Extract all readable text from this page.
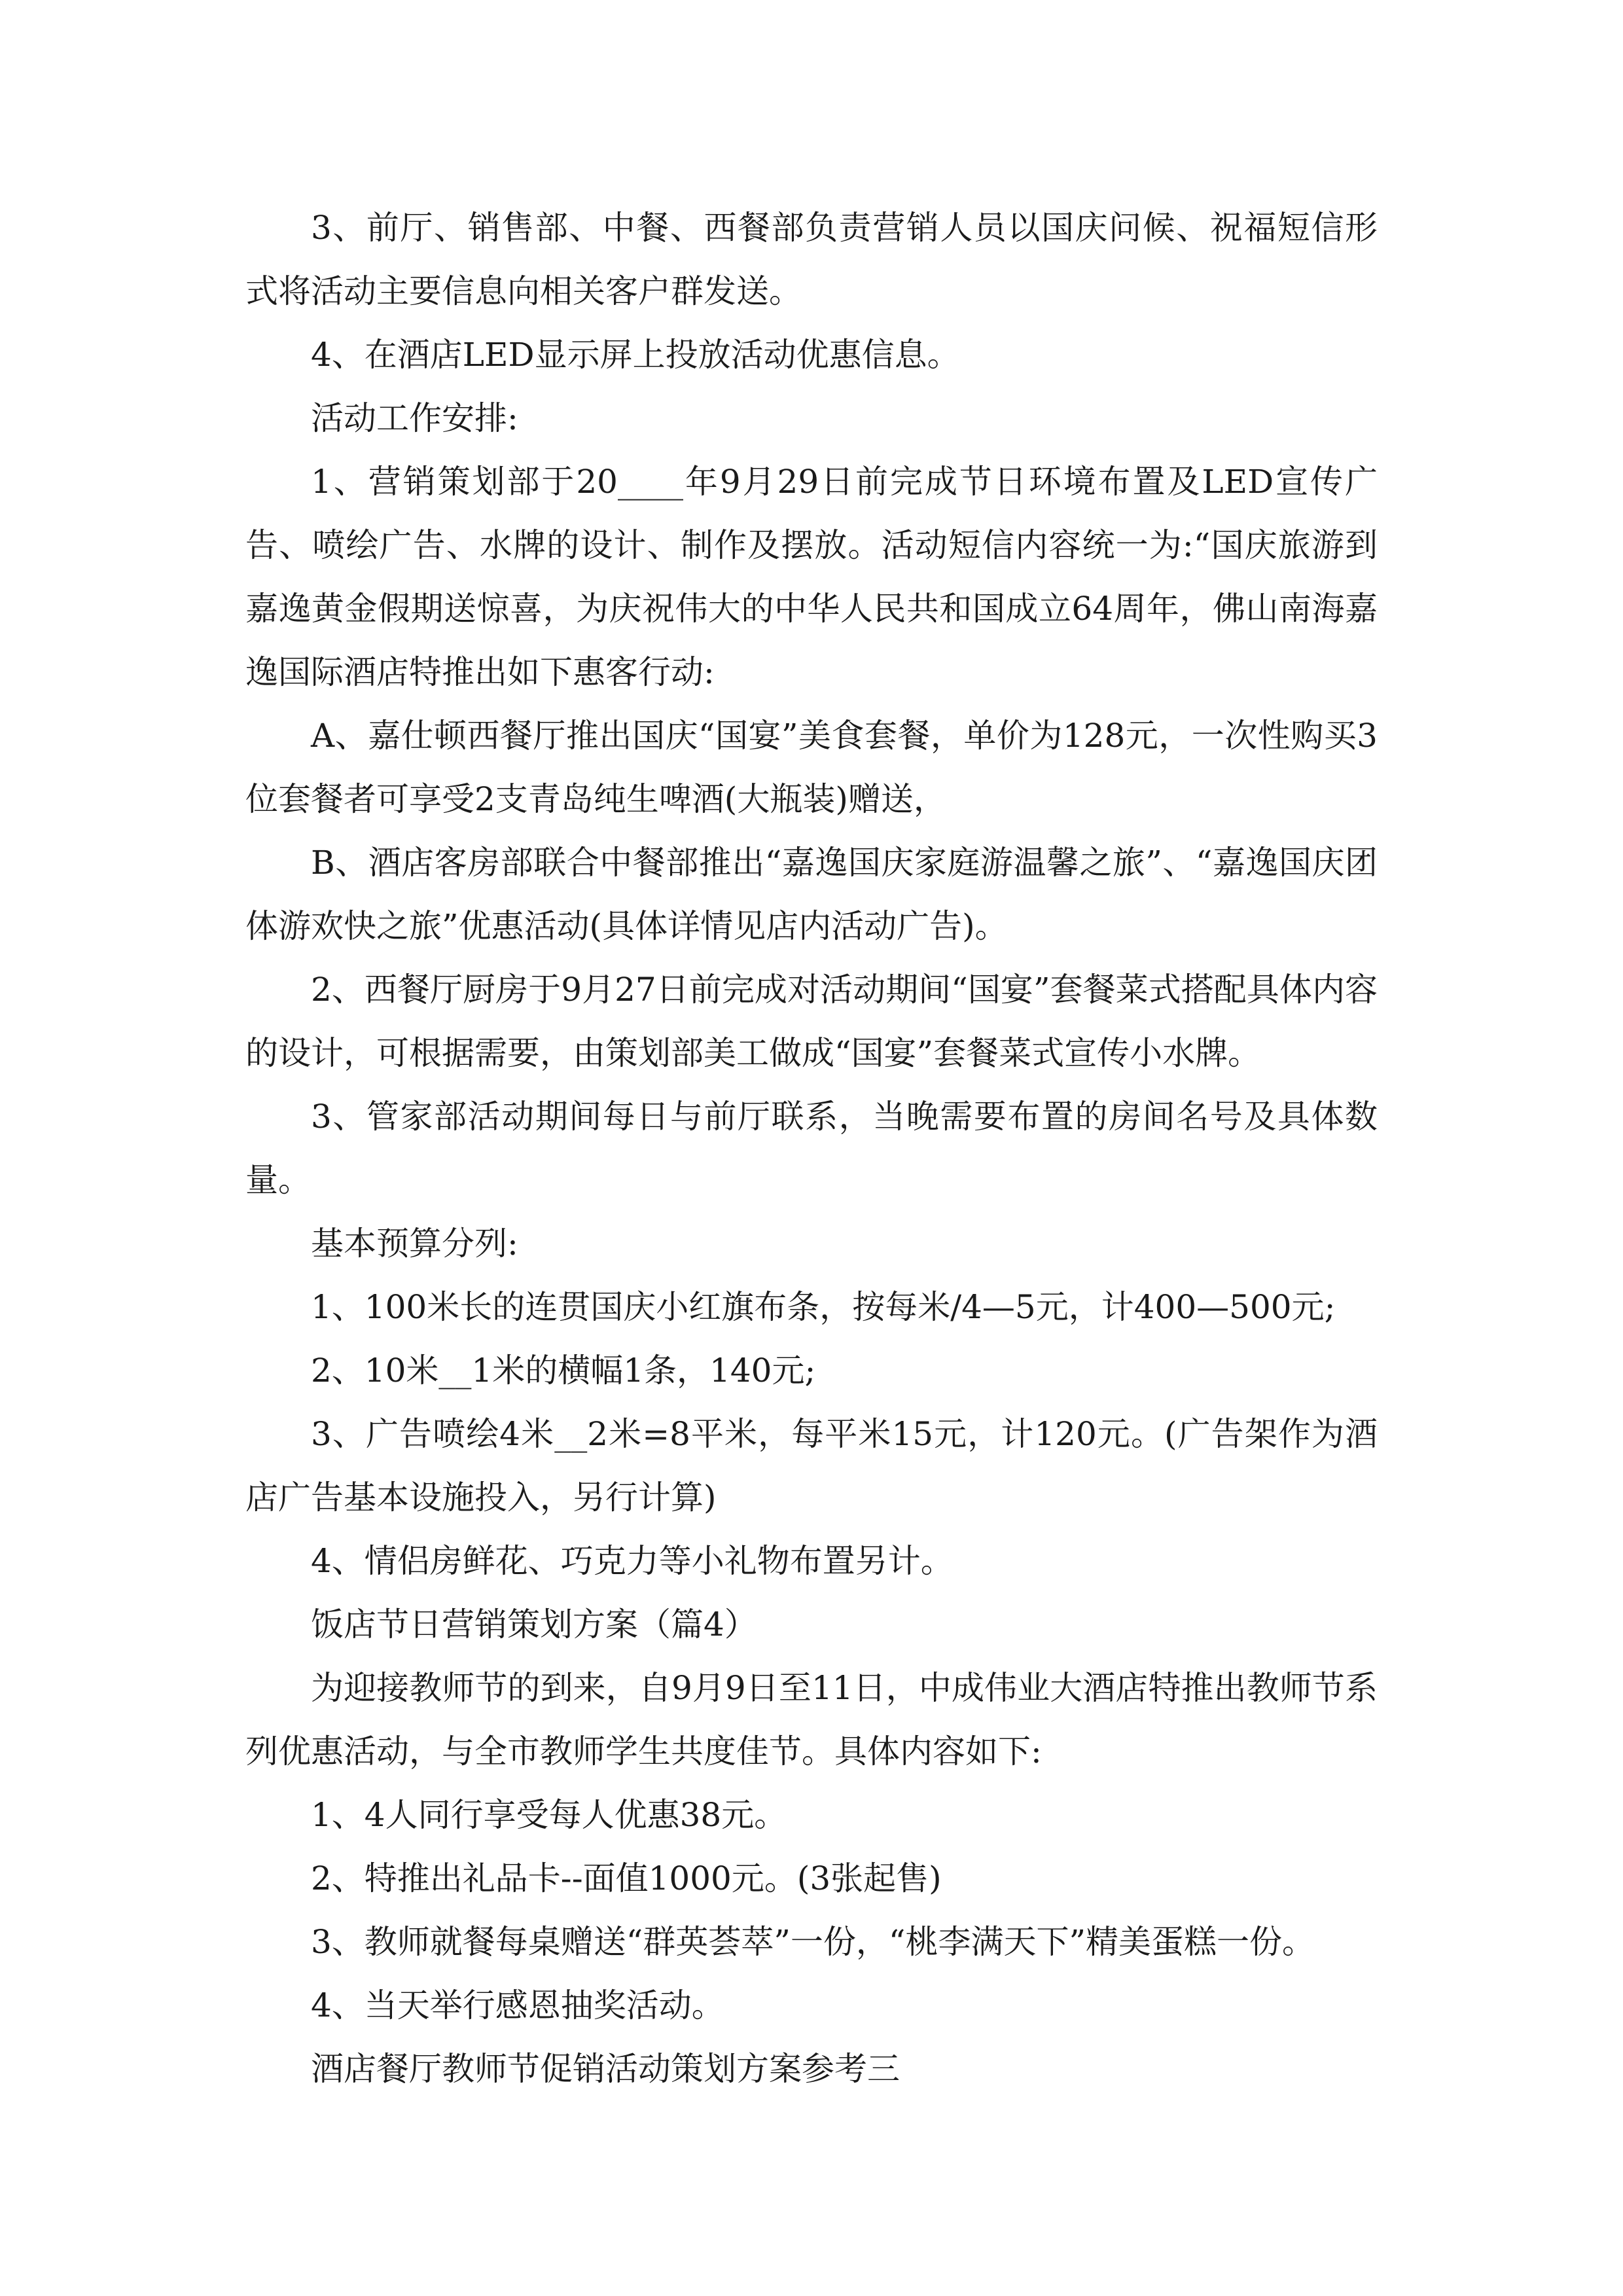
3、前厅、销售部、中餐、西餐部负责营销人员以国庆问候、祝福短信形式将活动主要信息向相关客户群发送。

4、在酒店LED显示屏上投放活动优惠信息。

活动工作安排:

1、营销策划部于20____年9月29日前完成节日环境布置及LED宣传广告、喷绘广告、水牌的设计、制作及摆放。活动短信内容统一为:“国庆旅游到嘉逸黄金假期送惊喜，为庆祝伟大的中华人民共和国成立64周年，佛山南海嘉逸国际酒店特推出如下惠客行动:

A、嘉仕顿西餐厅推出国庆“国宴”美食套餐，单价为128元，一次性购买3位套餐者可享受2支青岛纯生啤酒(大瓶装)赠送，

B、酒店客房部联合中餐部推出“嘉逸国庆家庭游温馨之旅”、“嘉逸国庆团体游欢快之旅”优惠活动(具体详情见店内活动广告)。

2、西餐厅厨房于9月27日前完成对活动期间“国宴”套餐菜式搭配具体内容的设计，可根据需要，由策划部美工做成“国宴”套餐菜式宣传小水牌。

3、管家部活动期间每日与前厅联系，当晚需要布置的房间名号及具体数量。

基本预算分列:

1、100米长的连贯国庆小红旗布条，按每米/4—5元，计400—500元;

2、10米__1米的横幅1条，140元;

3、广告喷绘4米__2米=8平米，每平米15元，计120元。(广告架作为酒店广告基本设施投入，另行计算)

4、情侣房鲜花、巧克力等小礼物布置另计。

饭店节日营销策划方案（篇4）

为迎接教师节的到来，自9月9日至11日，中成伟业大酒店特推出教师节系列优惠活动，与全市教师学生共度佳节。具体内容如下:

1、4人同行享受每人优惠38元。

2、特推出礼品卡--面值1000元。(3张起售)

3、教师就餐每桌赠送“群英荟萃”一份，“桃李满天下”精美蛋糕一份。

4、当天举行感恩抽奖活动。

酒店餐厅教师节促销活动策划方案参考三
